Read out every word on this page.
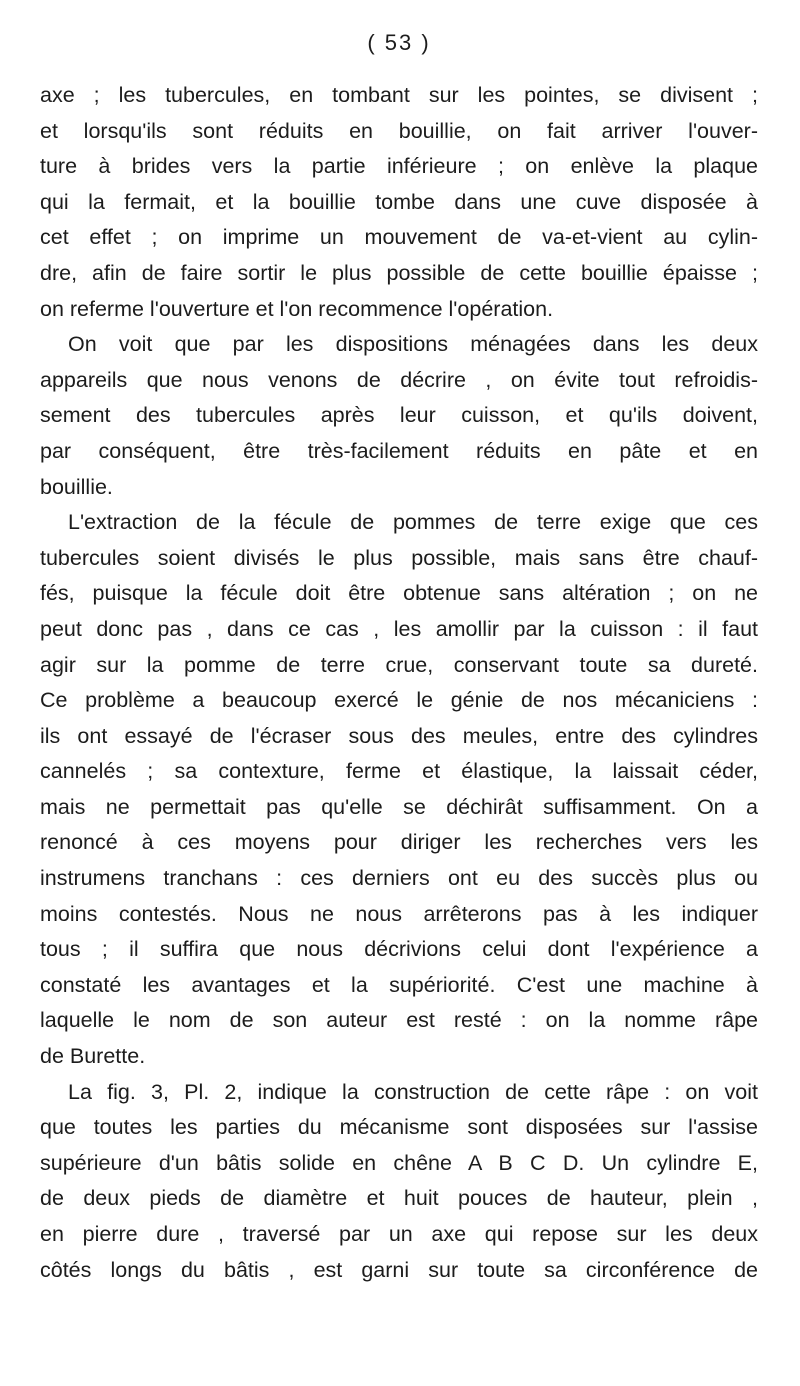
( 53 )
axe ; les tubercules, en tombant sur les pointes, se divisent ;
et lorsqu'ils sont réduits en bouillie, on fait arriver l'ouver-
ture à brides vers la partie inférieure ; on enlève la plaque
qui la fermait, et la bouillie tombe dans une cuve disposée à
cet effet ; on imprime un mouvement de va-et-vient au cylin-
dre, afin de faire sortir le plus possible de cette bouillie épaisse ;
on referme l'ouverture et l'on recommence l'opération.
On voit que par les dispositions ménagées dans les deux
appareils que nous venons de décrire , on évite tout refroidis-
sement des tubercules après leur cuisson, et qu'ils doivent,
par conséquent, être très-facilement réduits en pâte et en
bouillie.
L'extraction de la fécule de pommes de terre exige que ces
tubercules soient divisés le plus possible, mais sans être chauf-
fés, puisque la fécule doit être obtenue sans altération ; on ne
peut donc pas , dans ce cas , les amollir par la cuisson : il faut
agir sur la pomme de terre crue, conservant toute sa dureté.
Ce problème a beaucoup exercé le génie de nos mécaniciens :
ils ont essayé de l'écraser sous des meules, entre des cylindres
cannelés ; sa contexture, ferme et élastique, la laissait céder,
mais ne permettait pas qu'elle se déchirât suffisamment. On a
renoncé à ces moyens pour diriger les recherches vers les
instrumens tranchans : ces derniers ont eu des succès plus ou
moins contestés. Nous ne nous arrêterons pas à les indiquer
tous ; il suffira que nous décrivions celui dont l'expérience a
constaté les avantages et la supériorité. C'est une machine à
laquelle le nom de son auteur est resté : on la nomme râpe
de Burette.
La fig. 3, Pl. 2, indique la construction de cette râpe : on voit
que toutes les parties du mécanisme sont disposées sur l'assise
supérieure d'un bâtis solide en chêne A B C D. Un cylindre E,
de deux pieds de diamètre et huit pouces de hauteur, plein ,
en pierre dure , traversé par un axe qui repose sur les deux
côtés longs du bâtis , est garni sur toute sa circonférence de
